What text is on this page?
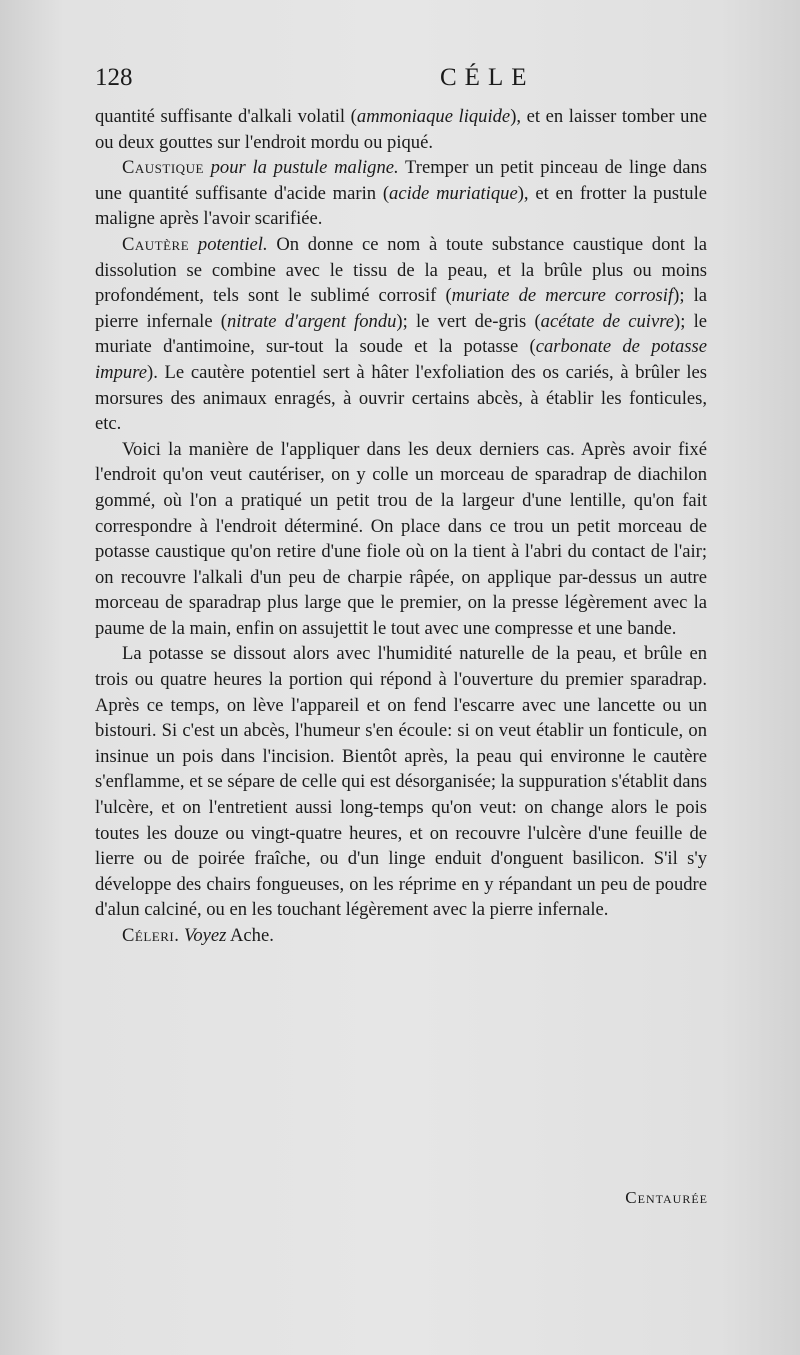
128	CÉLE

quantité suffisante d'alkali volatil (ammoniaque liquide), et en laisser tomber une ou deux gouttes sur l'endroit mordu ou piqué.

Caustique pour la pustule maligne. Tremper un petit pinceau de linge dans une quantité suffisante d'acide marin (acide muriatique), et en frotter la pustule maligne après l'avoir scarifiée.

Cautère potentiel. On donne ce nom à toute substance caustique dont la dissolution se combine avec le tissu de la peau, et la brûle plus ou moins profondément, tels sont le sublimé corrosif (muriate de mercure corrosif); la pierre infernale (nitrate d'argent fondu); le vert de-gris (acétate de cuivre); le muriate d'antimoine, sur-tout la soude et la potasse (carbonate de potasse impure). Le cautère potentiel sert à hâter l'exfoliation des os cariés, à brûler les morsures des animaux enragés, à ouvrir certains abcès, à établir les fonticules, etc.

Voici la manière de l'appliquer dans les deux derniers cas. Après avoir fixé l'endroit qu'on veut cautériser, on y colle un morceau de sparadrap de diachilon gommé, où l'on a pratiqué un petit trou de la largeur d'une lentille, qu'on fait correspondre à l'endroit déterminé. On place dans ce trou un petit morceau de potasse caustique qu'on retire d'une fiole où on la tient à l'abri du contact de l'air; on recouvre l'alkali d'un peu de charpie râpée, on applique par-dessus un autre morceau de sparadrap plus large que le premier, on la presse légèrement avec la paume de la main, enfin on assujettit le tout avec une compresse et une bande.

La potasse se dissout alors avec l'humidité naturelle de la peau, et brûle en trois ou quatre heures la portion qui répond à l'ouverture du premier sparadrap. Après ce temps, on lève l'appareil et on fend l'escarre avec une lancette ou un bistouri. Si c'est un abcès, l'humeur s'en écoule: si on veut établir un fonticule, on insinue un pois dans l'incision. Bientôt après, la peau qui environne le cautère s'enflamme, et se sépare de celle qui est désorganisée; la suppuration s'établit dans l'ulcère, et on l'entretient aussi long-temps qu'on veut: on change alors le pois toutes les douze ou vingt-quatre heures, et on recouvre l'ulcère d'une feuille de lierre ou de poirée fraîche, ou d'un linge enduit d'onguent basilicon. S'il s'y développe des chairs fongueuses, on les réprime en y répandant un peu de poudre d'alun calciné, ou en les touchant légèrement avec la pierre infernale.

Céleri. Voyez Ache.

Centaurée
